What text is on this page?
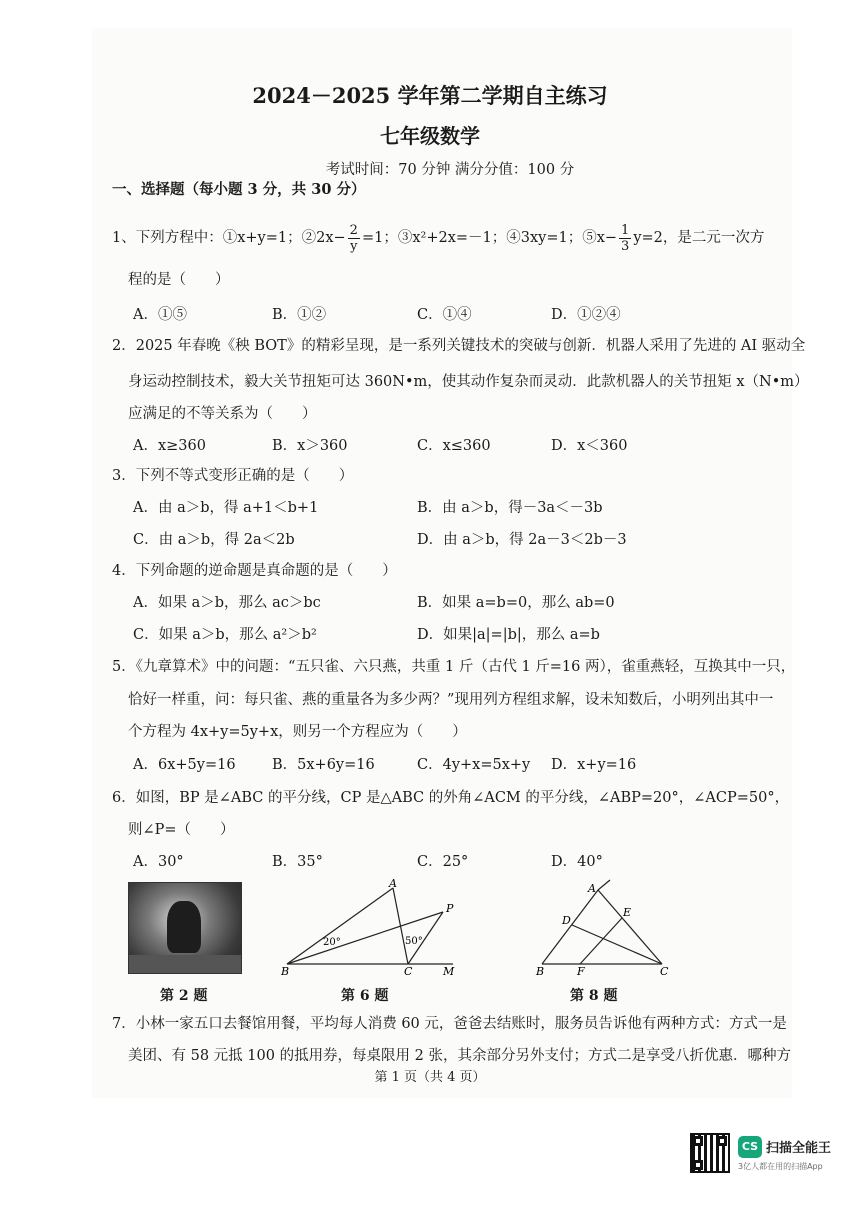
2024－2025 学年第二学期自主练习
七年级数学
考试时间：70 分钟 满分分值：100 分
一、选择题（每小题 3 分，共 30 分）
1、下列方程中：①x+y=1；②2x− $\frac{2}{y} =1$；③x²+2x=－1；④3xy=1；⑤x− $\frac{1}{3} y=2$，是二元一次方
程的是（　　）
A．①⑤	B．①②	C．①④	D．①②④
2．2025 年春晚《秧 BOT》的精彩呈现，是一系列关键技术的突破与创新．机器人采用了先进的 AI 驱动全
身运动控制技术，毅大关节扭矩可达 360N•m，使其动作复杂而灵动．此款机器人的关节扭矩 x（N•m）
应满足的不等关系为（　　）
A．x≥360	B．x＞360	C．x≤360	D．x＜360
3．下列不等式变形正确的是（　　）
A．由 a＞b，得 a+1＜b+1	B．由 a＞b，得－3a＜－3b
C．由 a＞b，得 2a＜2b	D．由 a＞b，得 2a－3＜2b－3
4．下列命题的逆命题是真命题的是（　　）
A．如果 a＞b，那么 ac＞bc	B．如果 a=b=0，那么 ab=0
C．如果 a＞b，那么 a²＞b²	D．如果|a|=|b|，那么 a=b
5．《九章算术》中的问题：“五只雀、六只燕，共重 1 斤（古代 1 斤=16 两），雀重燕轻，互换其中一只，
恰好一样重，问：每只雀、燕的重量各为多少两？”现用列方程组求解，设未知数后，小明列出其中一
个方程为 4x+y=5y+x，则另一个方程应为（　　）
A．6x+5y=16	B．5x+6y=16	C．4y+x=5x+y D．x+y=16
6．如图，BP 是∠ABC 的平分线，CP 是△ABC 的外角∠ACM 的平分线，∠ABP=20°，∠ACP=50°，
则∠P=（　　）
A．30°	B．35°	C．25°	D．40°
A
P
B	C	M
20°	50°
A
D
E
B	F	C
第 2 题	第 6 题	第 8 题
7．小林一家五口去餐馆用餐，平均每人消费 60 元，爸爸去结账时，服务员告诉他有两种方式：方式一是
美团、有 58 元抵 100 的抵用券，每桌限用 2 张，其余部分另外支付；方式二是享受八折优惠．哪种方
第 1 页（共 4 页）
CS 扫描全能王
3亿人都在用的扫描App
